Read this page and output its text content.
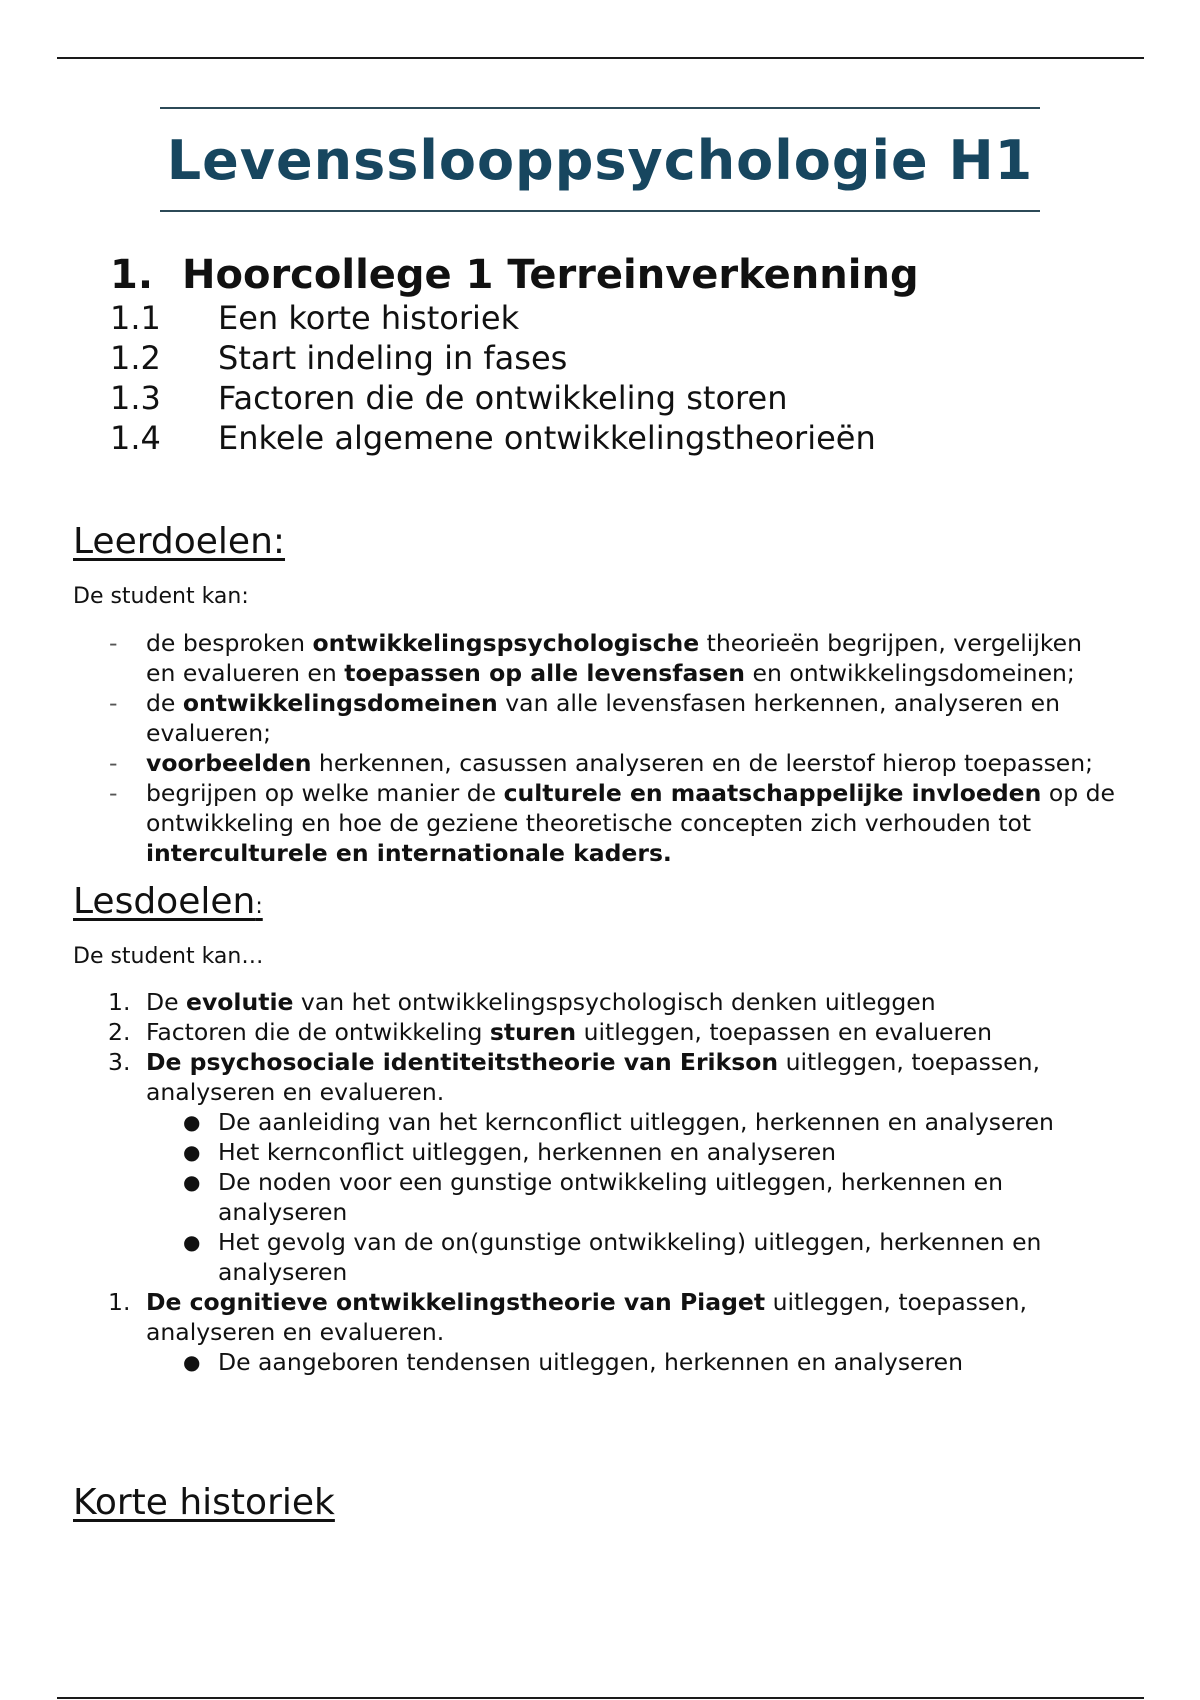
Levensslooppsychologie H1
1. Hoorcollege 1 Terreinverkenning
1.1	Een korte historiek
1.2	Start indeling in fases
1.3	Factoren die de ontwikkeling storen
1.4	Enkele algemene ontwikkelingstheorieën
Leerdoelen:
De student kan:
- de besproken ontwikkelingspsychologische theorieën begrijpen, vergelijken en evalueren en toepassen op alle levensfasen en ontwikkelingsdomeinen;
- de ontwikkelingsdomeinen van alle levensfasen herkennen, analyseren en evalueren;
- voorbeelden herkennen, casussen analyseren en de leerstof hierop toepassen;
- begrijpen op welke manier de culturele en maatschappelijke invloeden op de ontwikkeling en hoe de geziene theoretische concepten zich verhouden tot interculturele en internationale kaders.
Lesdoelen:
De student kan…
1. De evolutie van het ontwikkelingspsychologisch denken uitleggen
2. Factoren die de ontwikkeling sturen uitleggen, toepassen en evalueren
3. De psychosociale identiteitstheorie van Erikson uitleggen, toepassen, analyseren en evalueren.
● De aanleiding van het kernconflict uitleggen, herkennen en analyseren
● Het kernconflict uitleggen, herkennen en analyseren
● De noden voor een gunstige ontwikkeling uitleggen, herkennen en analyseren
● Het gevolg van de on(gunstige ontwikkeling) uitleggen, herkennen en analyseren
1. De cognitieve ontwikkelingstheorie van Piaget uitleggen, toepassen, analyseren en evalueren.
● De aangeboren tendensen uitleggen, herkennen en analyseren
Korte historiek
